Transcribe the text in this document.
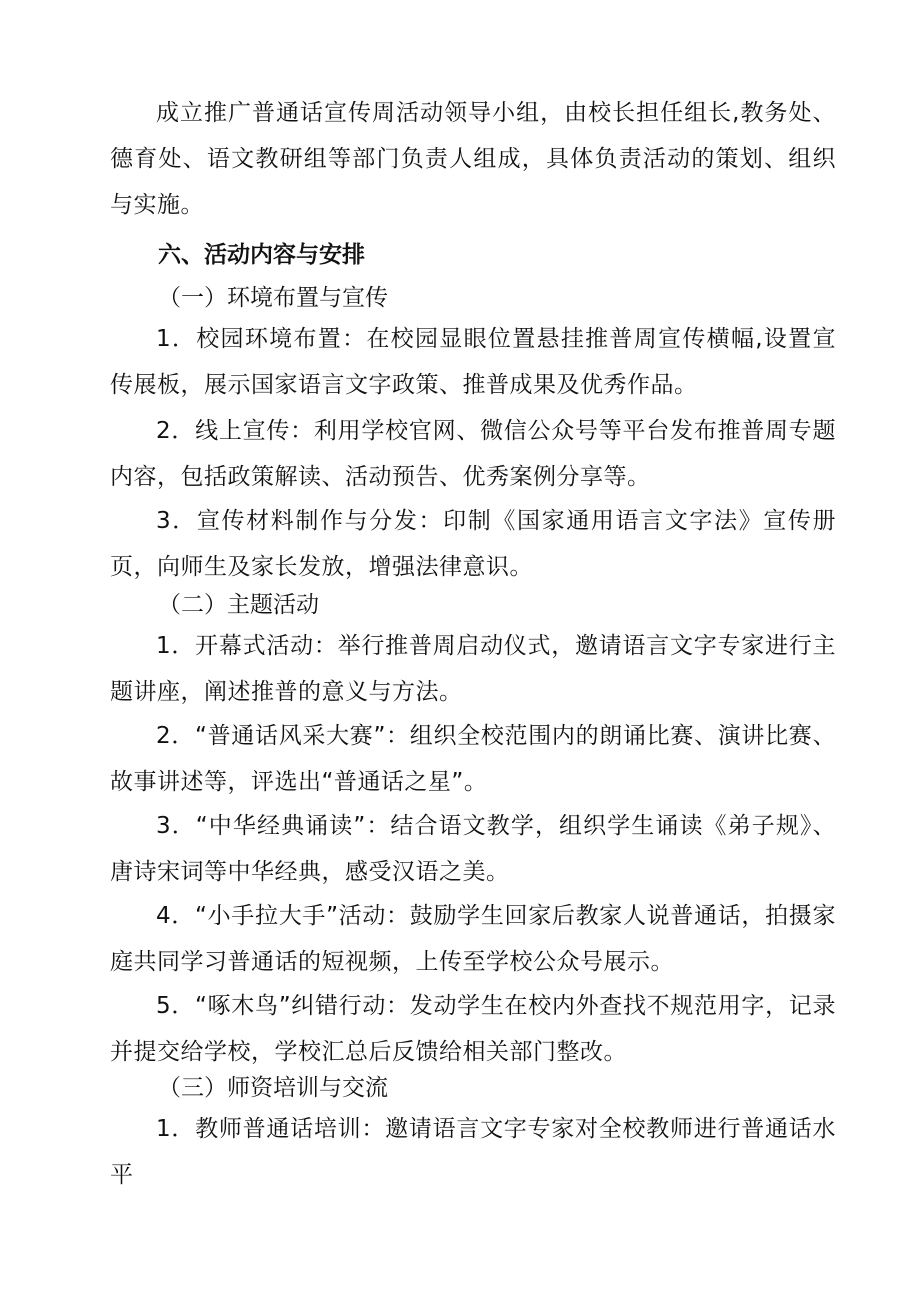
成立推广普通话宣传周活动领导小组，由校长担任组长,教务处、德育处、语文教研组等部门负责人组成，具体负责活动的策划、组织与实施。

六、活动内容与安排
（一）环境布置与宣传

1．校园环境布置：在校园显眼位置悬挂推普周宣传横幅,设置宣传展板，展示国家语言文字政策、推普成果及优秀作品。

2．线上宣传：利用学校官网、微信公众号等平台发布推普周专题内容，包括政策解读、活动预告、优秀案例分享等。

3．宣传材料制作与分发：印制《国家通用语言文字法》宣传册页，向师生及家长发放，增强法律意识。

（二）主题活动

1．开幕式活动：举行推普周启动仪式，邀请语言文字专家进行主题讲座，阐述推普的意义与方法。

2．“普通话风采大赛”：组织全校范围内的朗诵比赛、演讲比赛、故事讲述等，评选出“普通话之星”。

3．“中华经典诵读”：结合语文教学，组织学生诵读《弟子规》、唐诗宋词等中华经典，感受汉语之美。

4．“小手拉大手”活动：鼓励学生回家后教家人说普通话，拍摄家庭共同学习普通话的短视频，上传至学校公众号展示。

5．“啄木鸟”纠错行动：发动学生在校内外查找不规范用字，记录并提交给学校，学校汇总后反馈给相关部门整改。

（三）师资培训与交流

1．教师普通话培训：邀请语言文字专家对全校教师进行普通话水平
